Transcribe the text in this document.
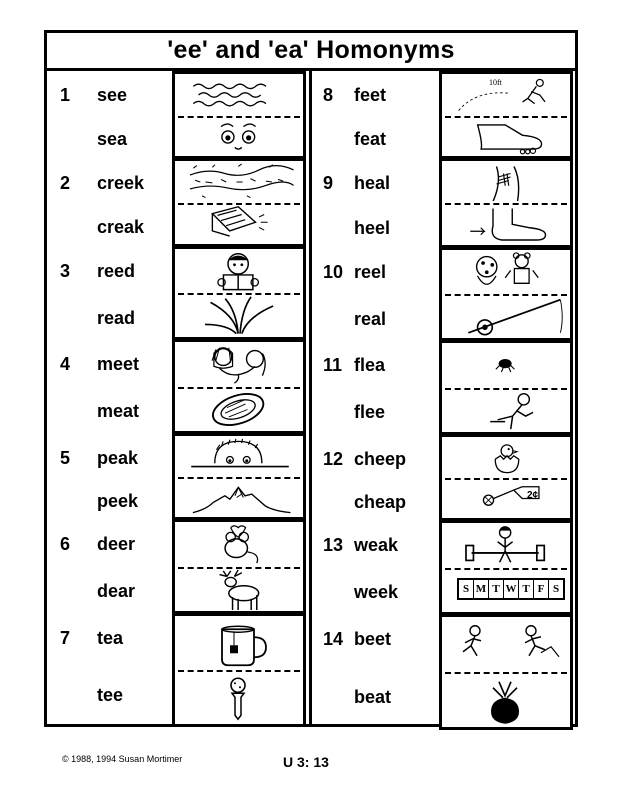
'ee' and 'ea' Homonyms
1 see
sea
2 creek
creak
3 reed
read
4 meet
meat
5 peak
peek
6 deer
dear
7 tea
tee
8 feet
feat
10ft
9 heal
heel
10 reel
real
11 flea
flee
12 cheep
cheap	2¢
13 weak
week	S M T W T F S
14 beet
beat
© 1988, 1994 Susan Mortimer	U 3: 13
